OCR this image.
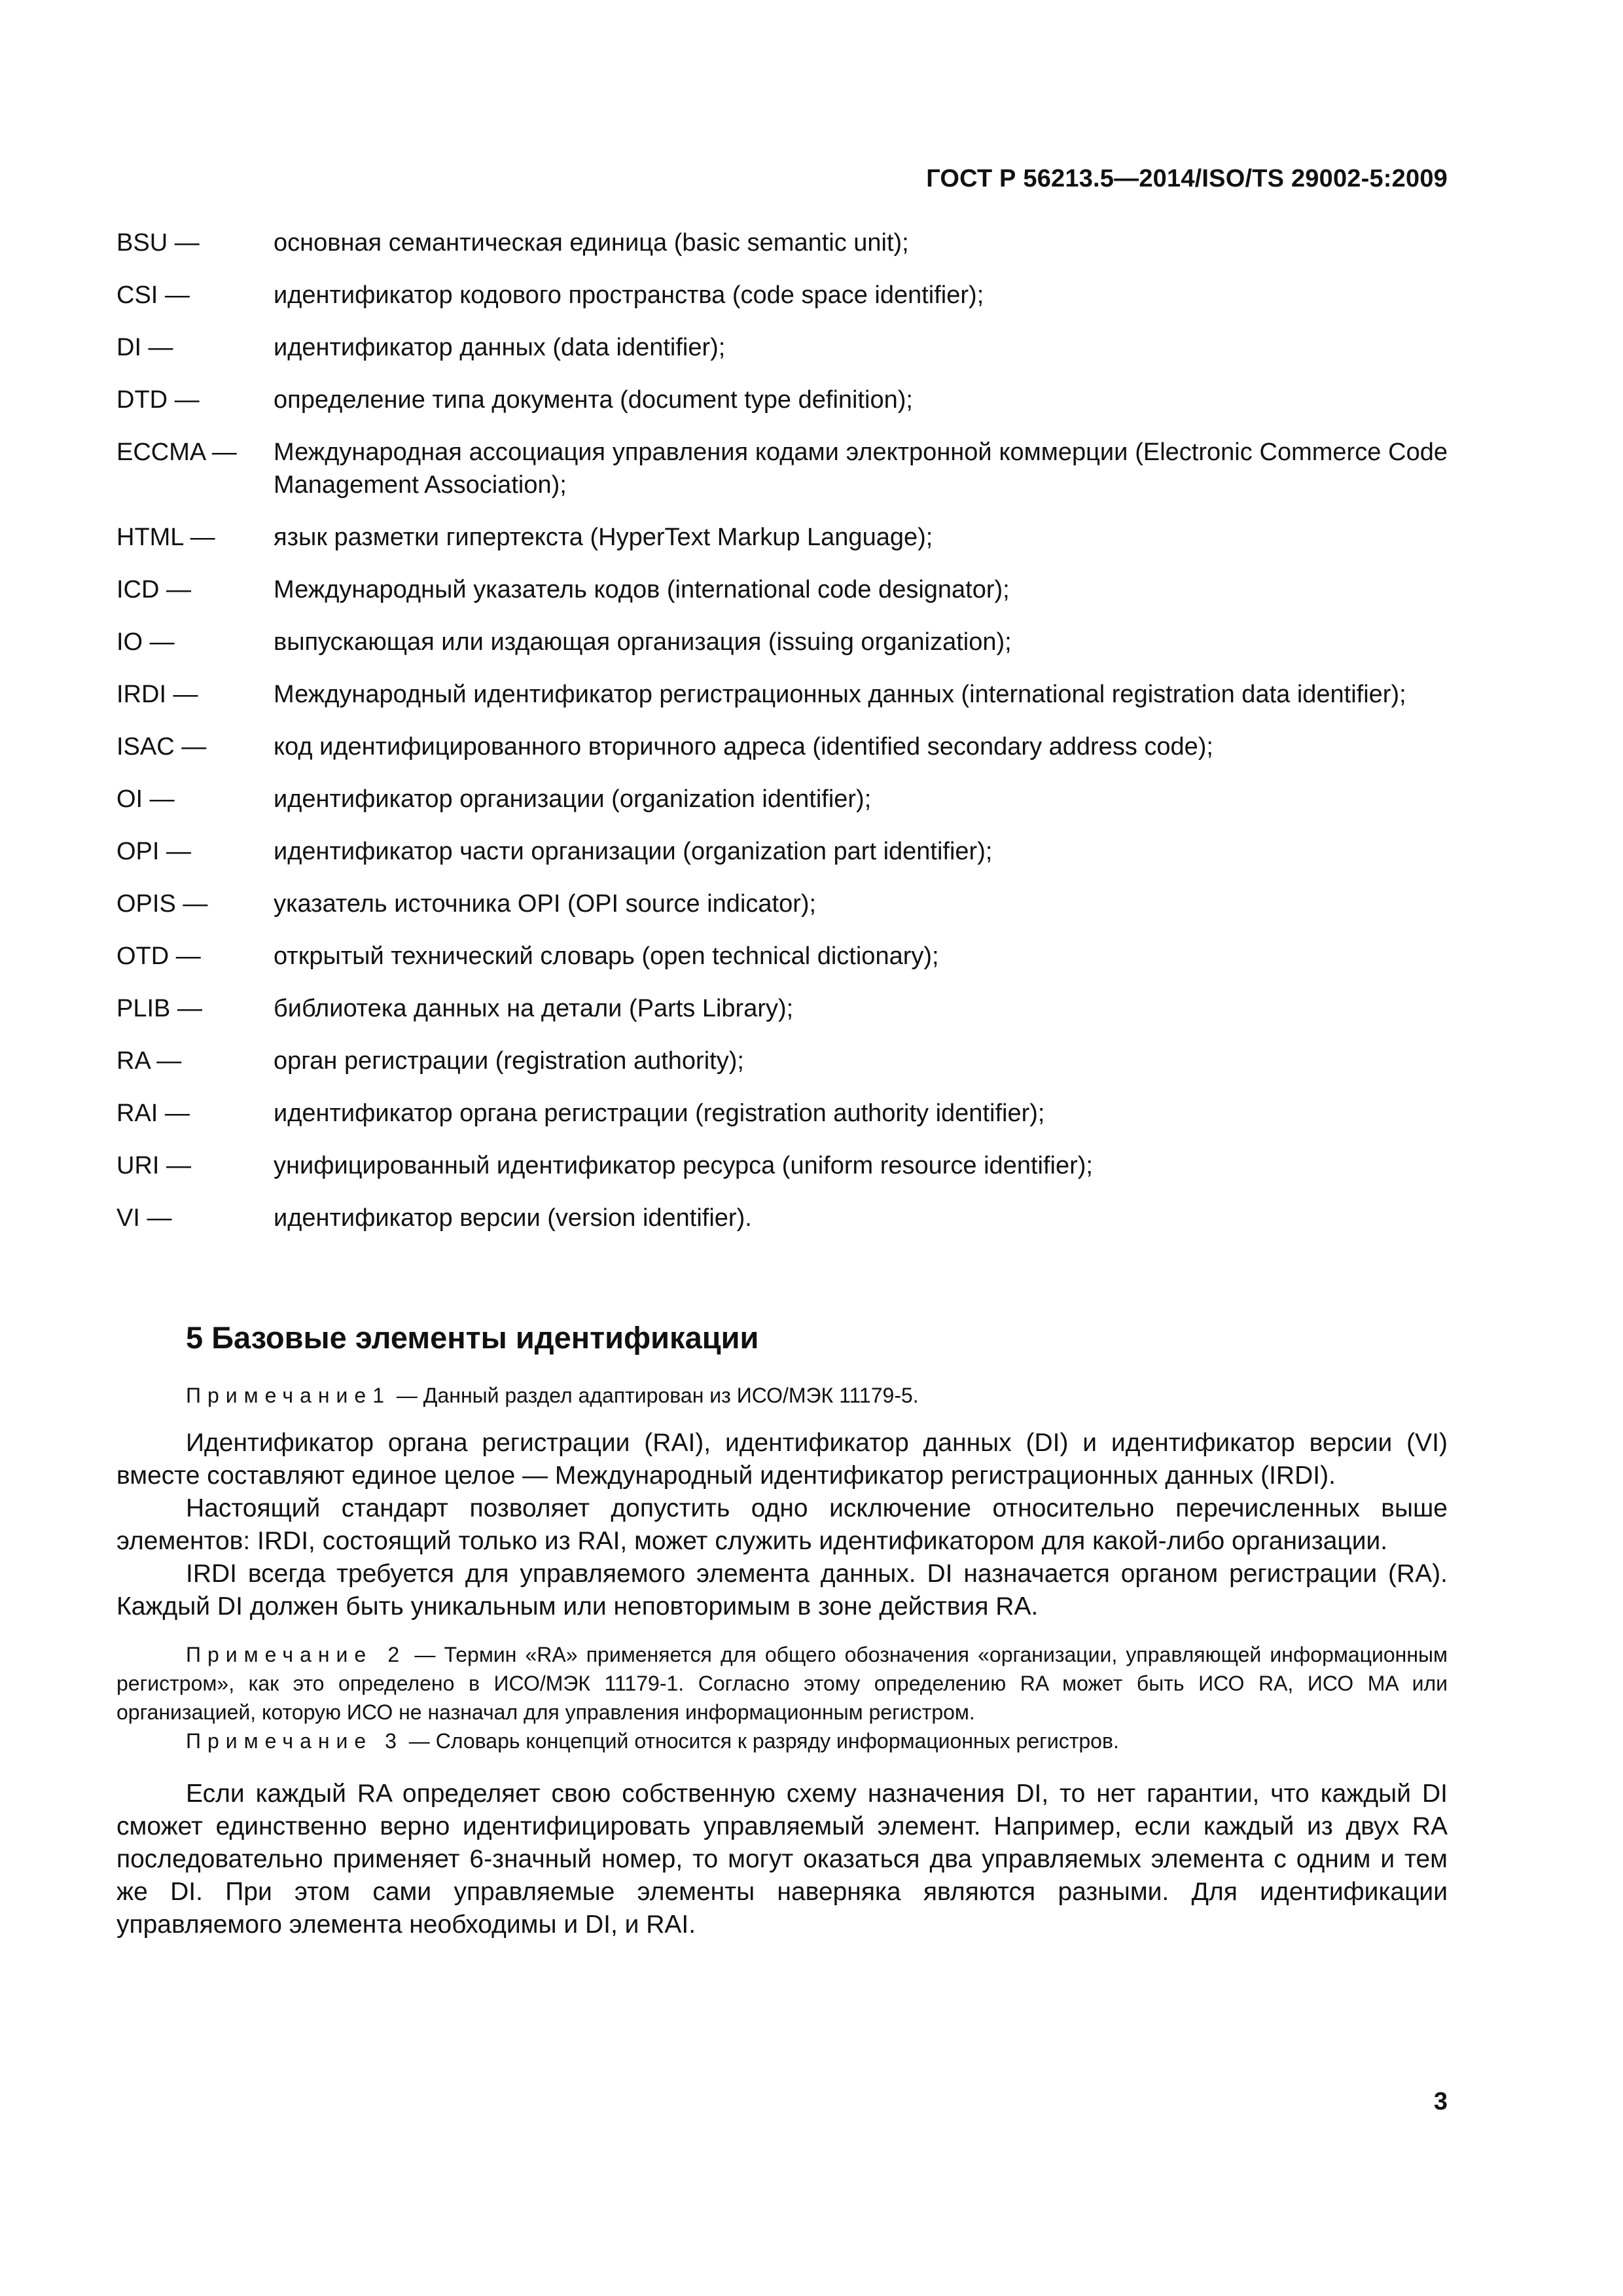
ГОСТ Р 56213.5—2014/ISO/TS 29002-5:2009
BSU —	основная семантическая единица (basic semantic unit);
CSI —	идентификатор кодового пространства (code space identifier);
DI —	идентификатор данных (data identifier);
DTD —	определение типа документа (document type definition);
ECCMA —	Международная ассоциация управления кодами электронной коммерции (Electronic Commerce Code Management Association);
HTML —	язык разметки гипертекста (HyperText Markup Language);
ICD —	Международный указатель кодов (international code designator);
IO —	выпускающая или издающая организация (issuing organization);
IRDI —	Международный идентификатор регистрационных данных (international registration data identifier);
ISAC —	код идентифицированного вторичного адреса (identified secondary address code);
OI —	идентификатор организации (organization identifier);
OPI —	идентификатор части организации (organization part identifier);
OPIS —	указатель источника OPI (OPI source indicator);
OTD —	открытый технический словарь (open technical dictionary);
PLIB —	библиотека данных на детали (Parts Library);
RA —	орган регистрации (registration authority);
RAI —	идентификатор органа регистрации (registration authority identifier);
URI —	унифицированный идентификатор ресурса (uniform resource identifier);
VI —	идентификатор версии (version identifier).
5 Базовые элементы идентификации

Примечание1 — Данный раздел адаптирован из ИСО/МЭК 11179-5.

Идентификатор органа регистрации (RAI), идентификатор данных (DI) и идентификатор версии (VI) вместе составляют единое целое — Международный идентификатор регистрационных данных (IRDI).

Настоящий стандарт позволяет допустить одно исключение относительно перечисленных выше элементов: IRDI, состоящий только из RAI, может служить идентификатором для какой-либо организации.

IRDI всегда требуется для управляемого элемента данных. DI назначается органом регистрации (RA). Каждый DI должен быть уникальным или неповторимым в зоне действия RA.

Примечание 2 — Термин «RA» применяется для общего обозначения «организации, управляющей информационным регистром», как это определено в ИСО/МЭК 11179-1. Согласно этому определению RA может быть ИСО RA, ИСО MA или организацией, которую ИСО не назначал для управления информационным регистром.

Примечание 3 — Словарь концепций относится к разряду информационных регистров.

Если каждый RA определяет свою собственную схему назначения DI, то нет гарантии, что каждый DI сможет единственно верно идентифицировать управляемый элемент. Например, если каждый из двух RA последовательно применяет 6-значный номер, то могут оказаться два управляемых элемента с одним и тем же DI. При этом сами управляемые элементы наверняка являются разными. Для идентификации управляемого элемента необходимы и DI, и RAI.

3
